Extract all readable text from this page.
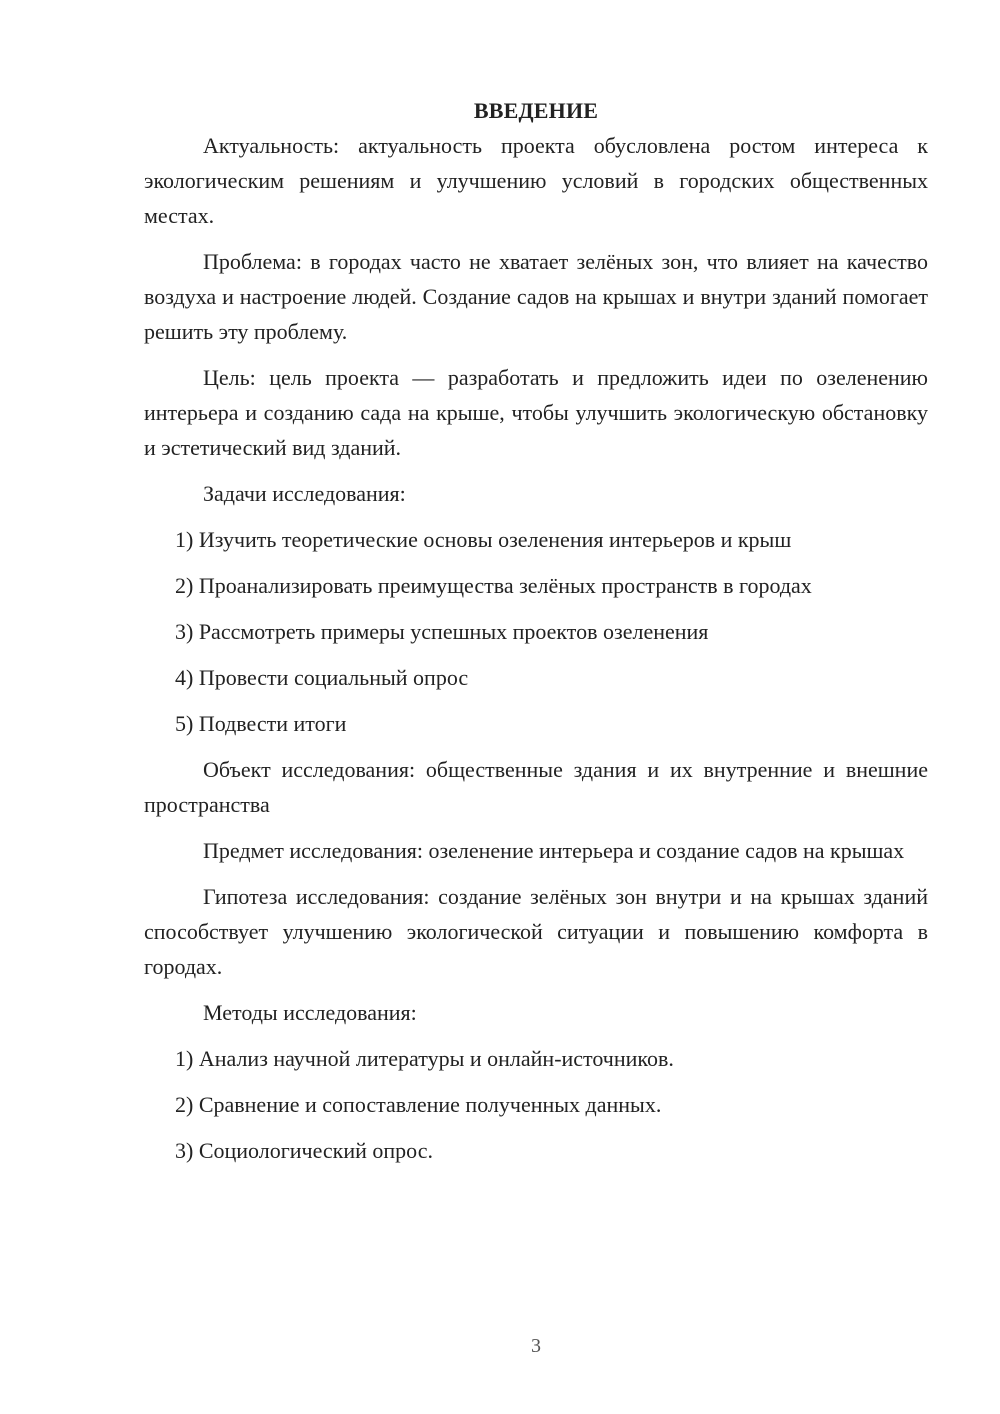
ВВЕДЕНИЕ

Актуальность: актуальность проекта обусловлена ростом интереса к экологическим решениям и улучшению условий в городских общественных местах.

Проблема: в городах часто не хватает зелёных зон, что влияет на качество воздуха и настроение людей. Создание садов на крышах и внутри зданий помогает решить эту проблему.

Цель: цель проекта — разработать и предложить идеи по озеленению интерьера и созданию сада на крыше, чтобы улучшить экологическую обстановку и эстетический вид зданий.

Задачи исследования:

1) Изучить теоретические основы озеленения интерьеров и крыш
2) Проанализировать преимущества зелёных пространств в городах
3) Рассмотреть примеры успешных проектов озеленения
4) Провести социальный опрос
5) Подвести итоги

Объект исследования: общественные здания и их внутренние и внешние пространства

Предмет исследования: озеленение интерьера и создание садов на крышах

Гипотеза исследования: создание зелёных зон внутри и на крышах зданий способствует улучшению экологической ситуации и повышению комфорта в городах.

Методы исследования:

1) Анализ научной литературы и онлайн-источников.
2) Сравнение и сопоставление полученных данных.
3) Социологический опрос.
3
